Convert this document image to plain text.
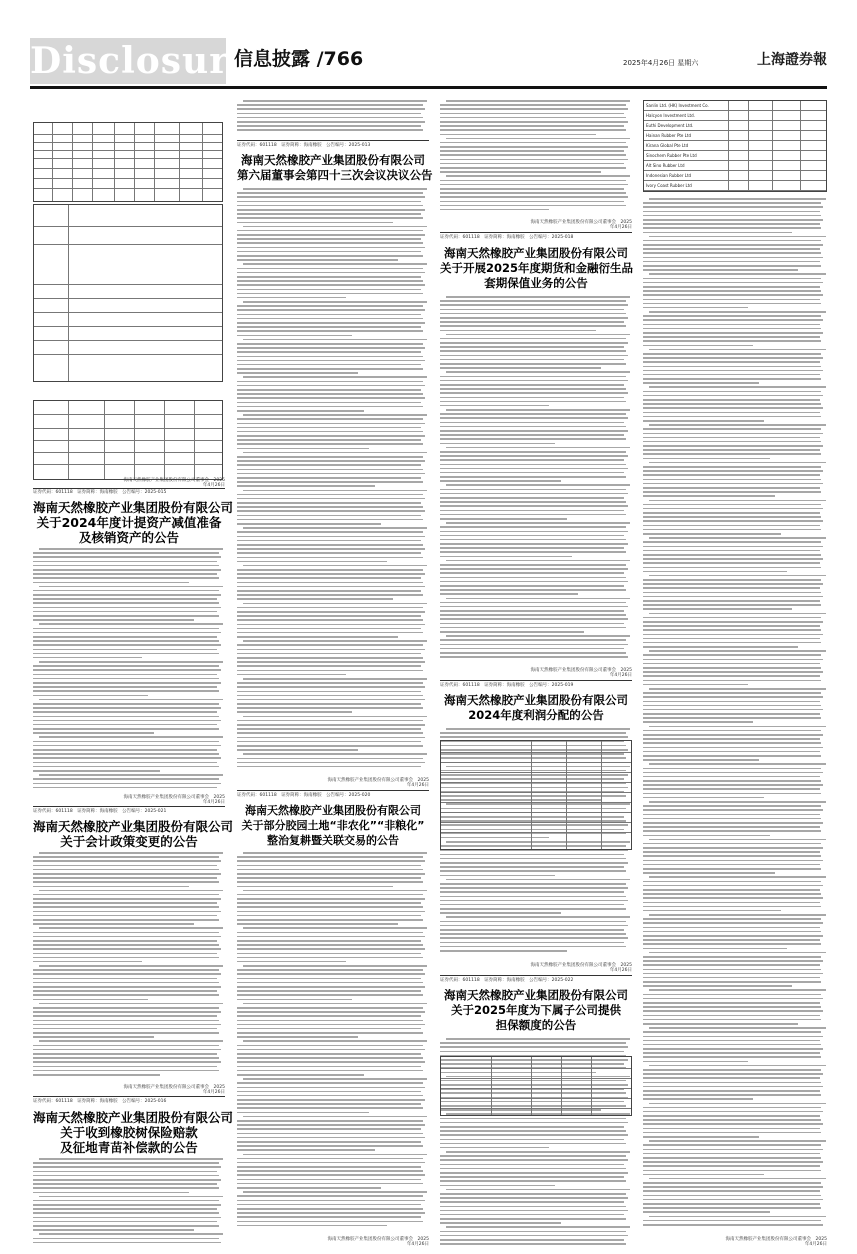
Disclosure
信息披露 /766	2025年4月26日 星期六	上海證券報
证券代码：601118　证券简称：海南橡胶　公告编号：2025-015
海南天然橡胶产业集团股份有限公司
关于2024年度计提资产减值准备
及核销资产的公告
证券代码：601118　证券简称：海南橡胶　公告编号：2025-021
海南天然橡胶产业集团股份有限公司
关于会计政策变更的公告
证券代码：601118　证券简称：海南橡胶　公告编号：2025-016
海南天然橡胶产业集团股份有限公司
关于收到橡胶树保险赔款
及征地青苗补偿款的公告
证券代码：601118　证券简称：海南橡胶　公告编号：2025-013
海南天然橡胶产业集团股份有限公司
第六届董事会第四十三次会议决议公告
证券代码：601118　证券简称：海南橡胶　公告编号：2025-020
海南天然橡胶产业集团股份有限公司
关于部分胶园土地“非农化”“非粮化”
整治复耕暨关联交易的公告
证券代码：601118　证券简称：海南橡胶　公告编号：2025-018
海南天然橡胶产业集团股份有限公司
关于开展2025年度期货和金融衍生品
套期保值业务的公告
证券代码：601118　证券简称：海南橡胶　公告编号：2025-019
海南天然橡胶产业集团股份有限公司
2024年度利润分配的公告
证券代码：601118　证券简称：海南橡胶　公告编号：2025-022
海南天然橡胶产业集团股份有限公司
关于2025年度为下属子公司提供
担保额度的公告
Sanlin Ltd. (HK) Investment Co.
Halcyon Investment Ltd.
Euthi Development Ltd.
Hainan Rubber Pte Ltd
Kirana Global Pte Ltd
Sinochem Rubber Pte Ltd
Alt Sino Rubber Ltd
Indonesian Rubber Ltd
Ivory Coast Rubber Ltd
海南天然橡胶产业集团股份有限公司董事会　2025年4月26日
海南天然橡胶产业集团股份有限公司董事会　2025年4月26日
海南天然橡胶产业集团股份有限公司董事会　2025年4月26日
海南天然橡胶产业集团股份有限公司董事会　2025年4月26日
海南天然橡胶产业集团股份有限公司董事会　2025年4月26日
海南天然橡胶产业集团股份有限公司董事会　2025年4月26日
海南天然橡胶产业集团股份有限公司董事会　2025年4月26日
海南天然橡胶产业集团股份有限公司董事会　2025年4月26日
海南天然橡胶产业集团股份有限公司董事会　2025年4月26日
